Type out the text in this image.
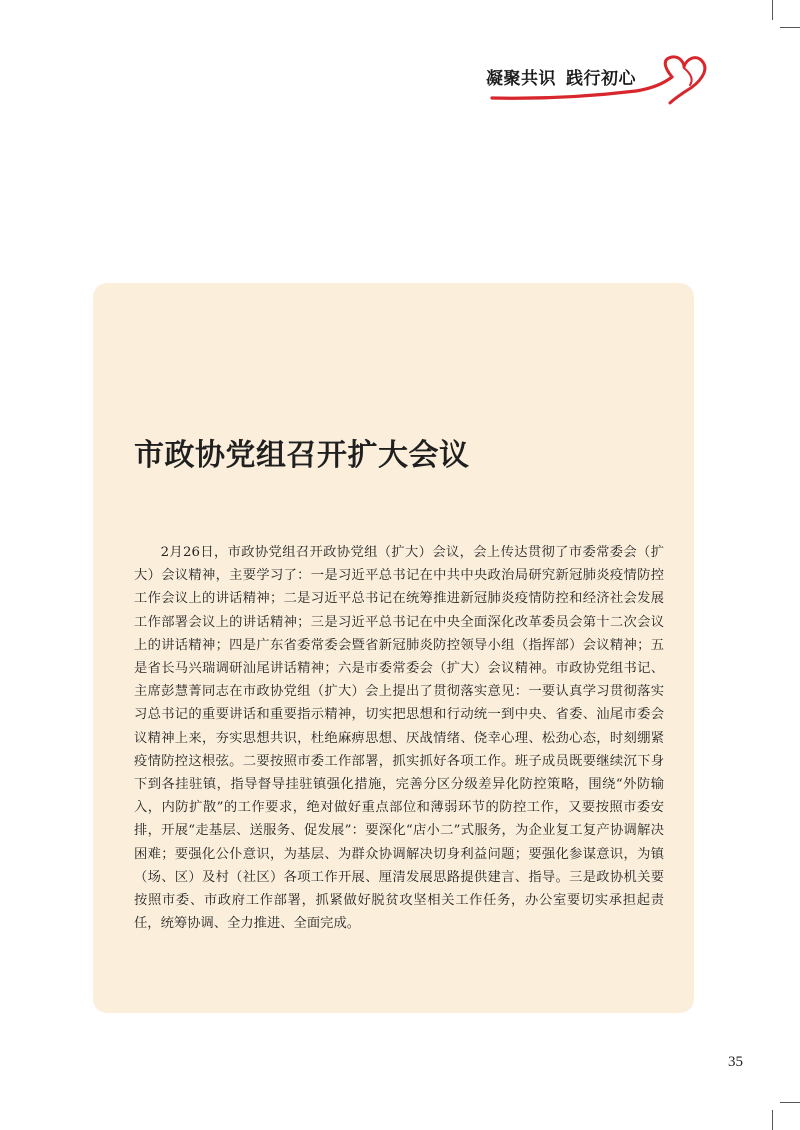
凝聚共识 践行初心
市政协党组召开扩大会议

2月26日，市政协党组召开政协党组（扩大）会议，会上传达贯彻了市委常委会（扩大）会议精神，主要学习了：一是习近平总书记在中共中央政治局研究新冠肺炎疫情防控工作会议上的讲话精神；二是习近平总书记在统筹推进新冠肺炎疫情防控和经济社会发展工作部署会议上的讲话精神；三是习近平总书记在中央全面深化改革委员会第十二次会议上的讲话精神；四是广东省委常委会暨省新冠肺炎防控领导小组（指挥部）会议精神；五是省长马兴瑞调研汕尾讲话精神；六是市委常委会（扩大）会议精神。市政协党组书记、主席彭慧菁同志在市政协党组（扩大）会上提出了贯彻落实意见：一要认真学习贯彻落实习总书记的重要讲话和重要指示精神，切实把思想和行动统一到中央、省委、汕尾市委会议精神上来，夯实思想共识，杜绝麻痹思想、厌战情绪、侥幸心理、松劲心态，时刻绷紧疫情防控这根弦。二要按照市委工作部署，抓实抓好各项工作。班子成员既要继续沉下身下到各挂驻镇，指导督导挂驻镇强化措施，完善分区分级差异化防控策略，围绕“外防输入，内防扩散”的工作要求，绝对做好重点部位和薄弱环节的防控工作，又要按照市委安排，开展“走基层、送服务、促发展”：要深化“店小二”式服务，为企业复工复产协调解决困难；要强化公仆意识，为基层、为群众协调解决切身利益问题；要强化参谋意识，为镇（场、区）及村（社区）各项工作开展、厘清发展思路提供建言、指导。三是政协机关要按照市委、市政府工作部署，抓紧做好脱贫攻坚相关工作任务，办公室要切实承担起责任，统筹协调、全力推进、全面完成。

35
